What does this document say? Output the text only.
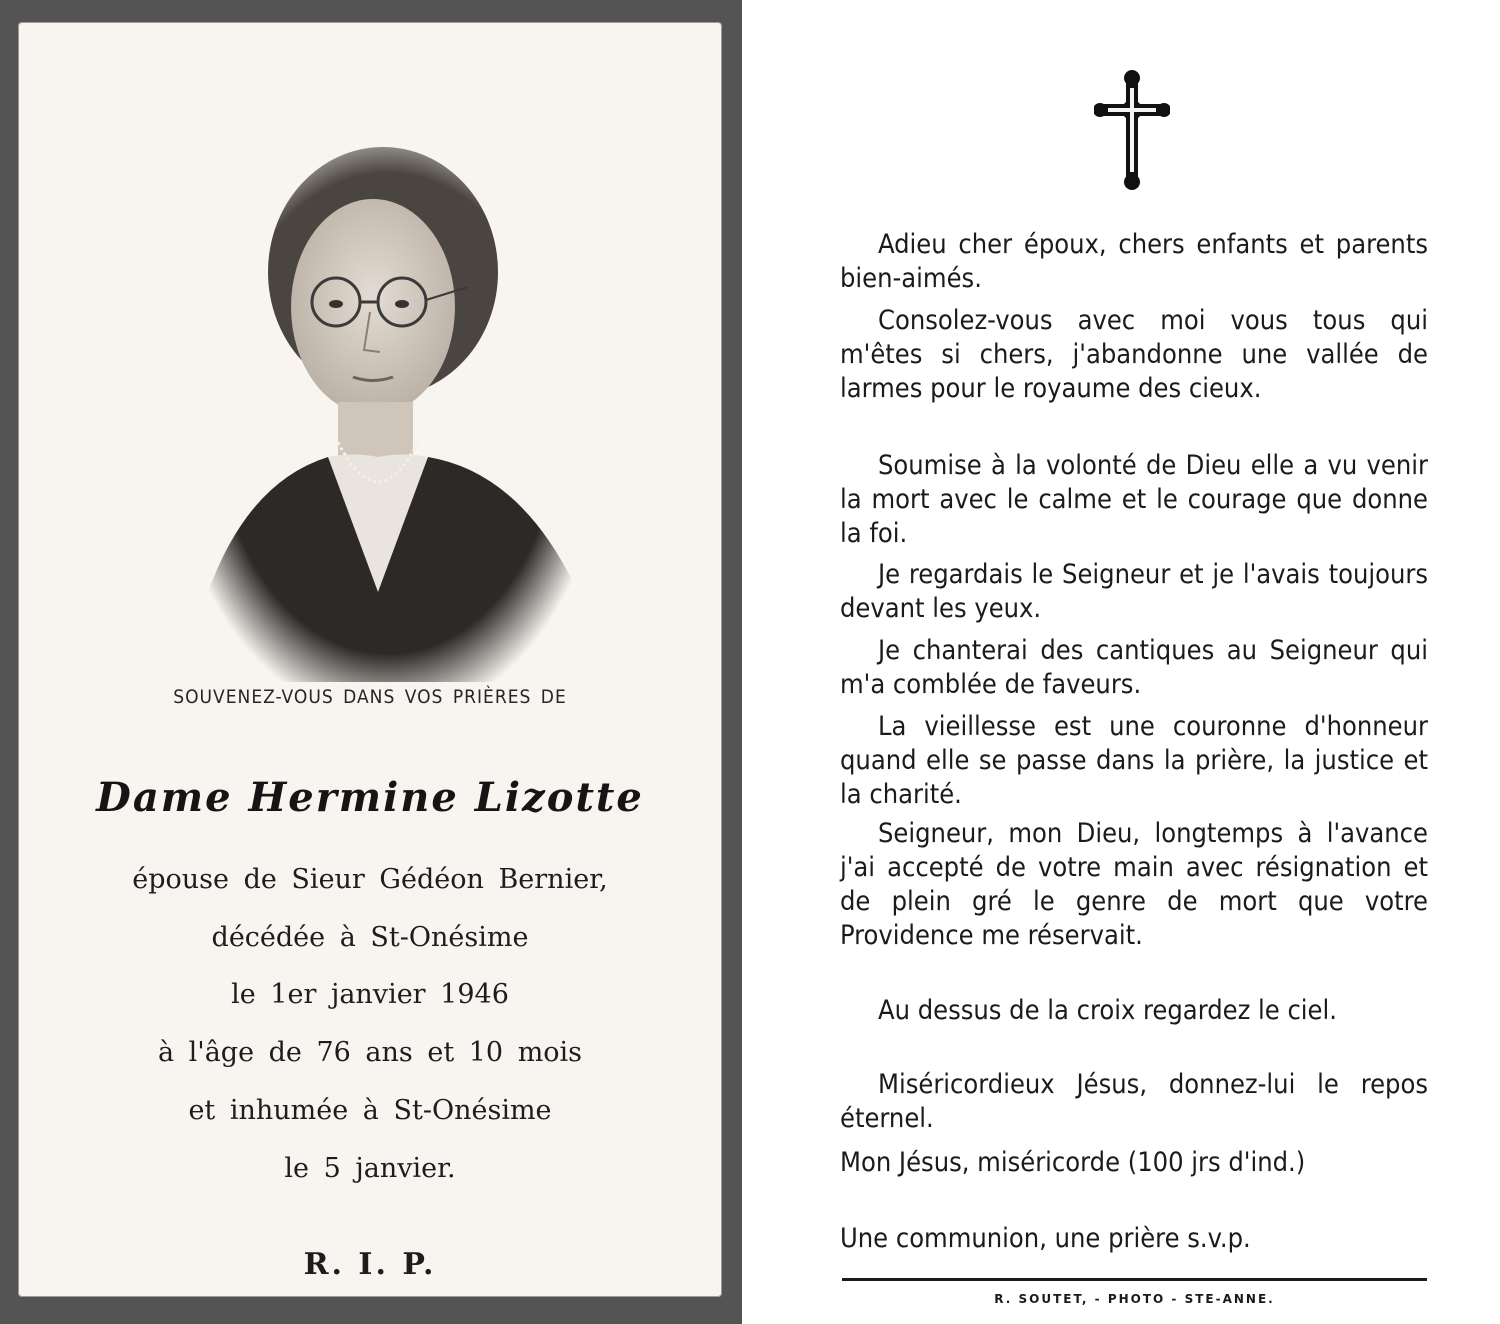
SOUVENEZ-VOUS DANS VOS PRIÈRES DE
Dame Hermine Lizotte
épouse de Sieur Gédéon Bernier,
décédée à St-Onésime
le 1er janvier 1946
à l'âge de 76 ans et 10 mois
et inhumée à St-Onésime
le 5 janvier.
R. I. P.
Adieu cher époux, chers enfants et parents bien-aimés.
Consolez-vous avec moi vous tous qui m'êtes si chers, j'abandonne une vallée de larmes pour le royaume des cieux.
Soumise à la volonté de Dieu elle a vu venir la mort avec le calme et le courage que donne la foi.
Je regardais le Seigneur et je l'avais toujours devant les yeux.
Je chanterai des cantiques au Seigneur qui m'a comblée de faveurs.
La vieillesse est une couronne d'honneur quand elle se passe dans la prière, la justice et la charité.
Seigneur, mon Dieu, longtemps à l'avance j'ai accepté de votre main avec résignation et de plein gré le genre de mort que votre Providence me réservait.
Au dessus de la croix regardez le ciel.
Miséricordieux Jésus, donnez-lui le repos éternel.
Mon Jésus, miséricorde (100 jrs d'ind.)
Une communion, une prière s.v.p.
R. SOUTET, - PHOTO - STE-ANNE.
